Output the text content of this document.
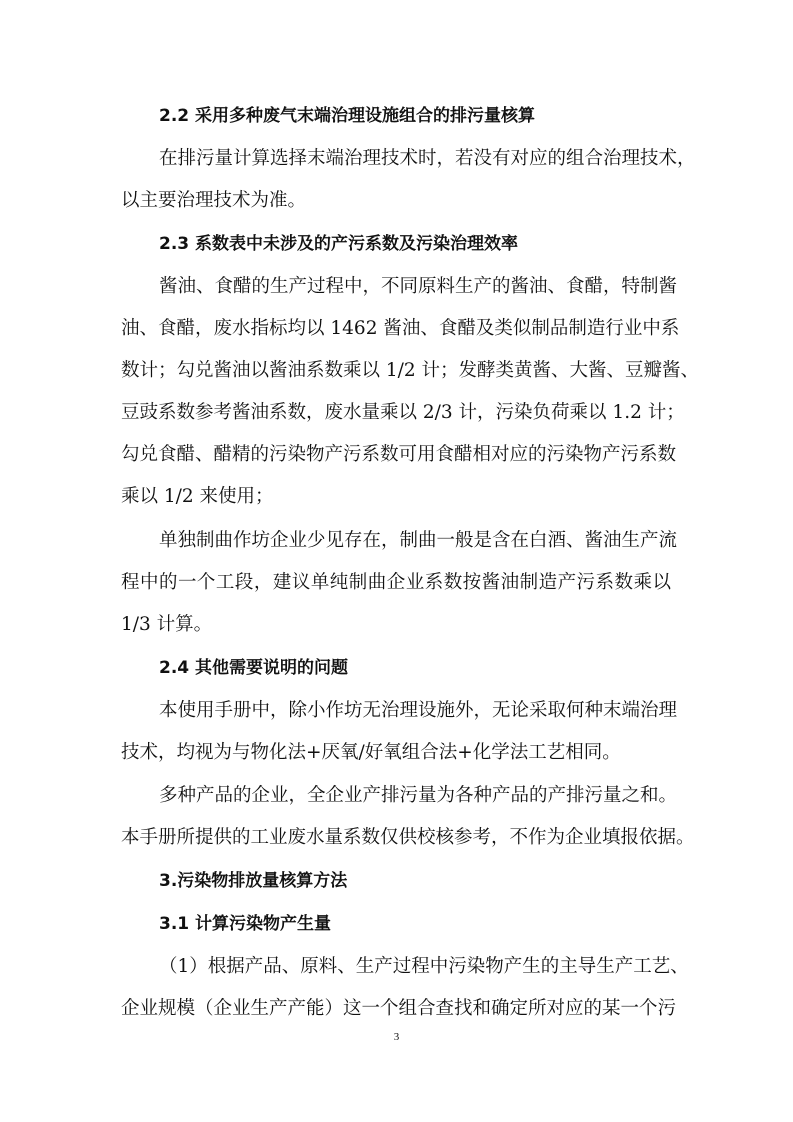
2.2 采用多种废气末端治理设施组合的排污量核算
在排污量计算选择末端治理技术时，若没有对应的组合治理技术，
以主要治理技术为准。
2.3 系数表中未涉及的产污系数及污染治理效率
酱油、食醋的生产过程中，不同原料生产的酱油、食醋，特制酱
油、食醋，废水指标均以 1462 酱油、食醋及类似制品制造行业中系
数计；勾兑酱油以酱油系数乘以 1/2 计；发酵类黄酱、大酱、豆瓣酱、
豆豉系数参考酱油系数，废水量乘以 2/3 计，污染负荷乘以 1.2 计；
勾兑食醋、醋精的污染物产污系数可用食醋相对应的污染物产污系数
乘以 1/2 来使用；
单独制曲作坊企业少见存在，制曲一般是含在白酒、酱油生产流
程中的一个工段，建议单纯制曲企业系数按酱油制造产污系数乘以
1/3 计算。
2.4 其他需要说明的问题
本使用手册中，除小作坊无治理设施外，无论采取何种末端治理
技术，均视为与物化法+厌氧/好氧组合法+化学法工艺相同。
多种产品的企业，全企业产排污量为各种产品的产排污量之和。
本手册所提供的工业废水量系数仅供校核参考，不作为企业填报依据。
3.污染物排放量核算方法
3.1 计算污染物产生量
（1）根据产品、原料、生产过程中污染物产生的主导生产工艺、
企业规模（企业生产产能）这一个组合查找和确定所对应的某一个污
3
